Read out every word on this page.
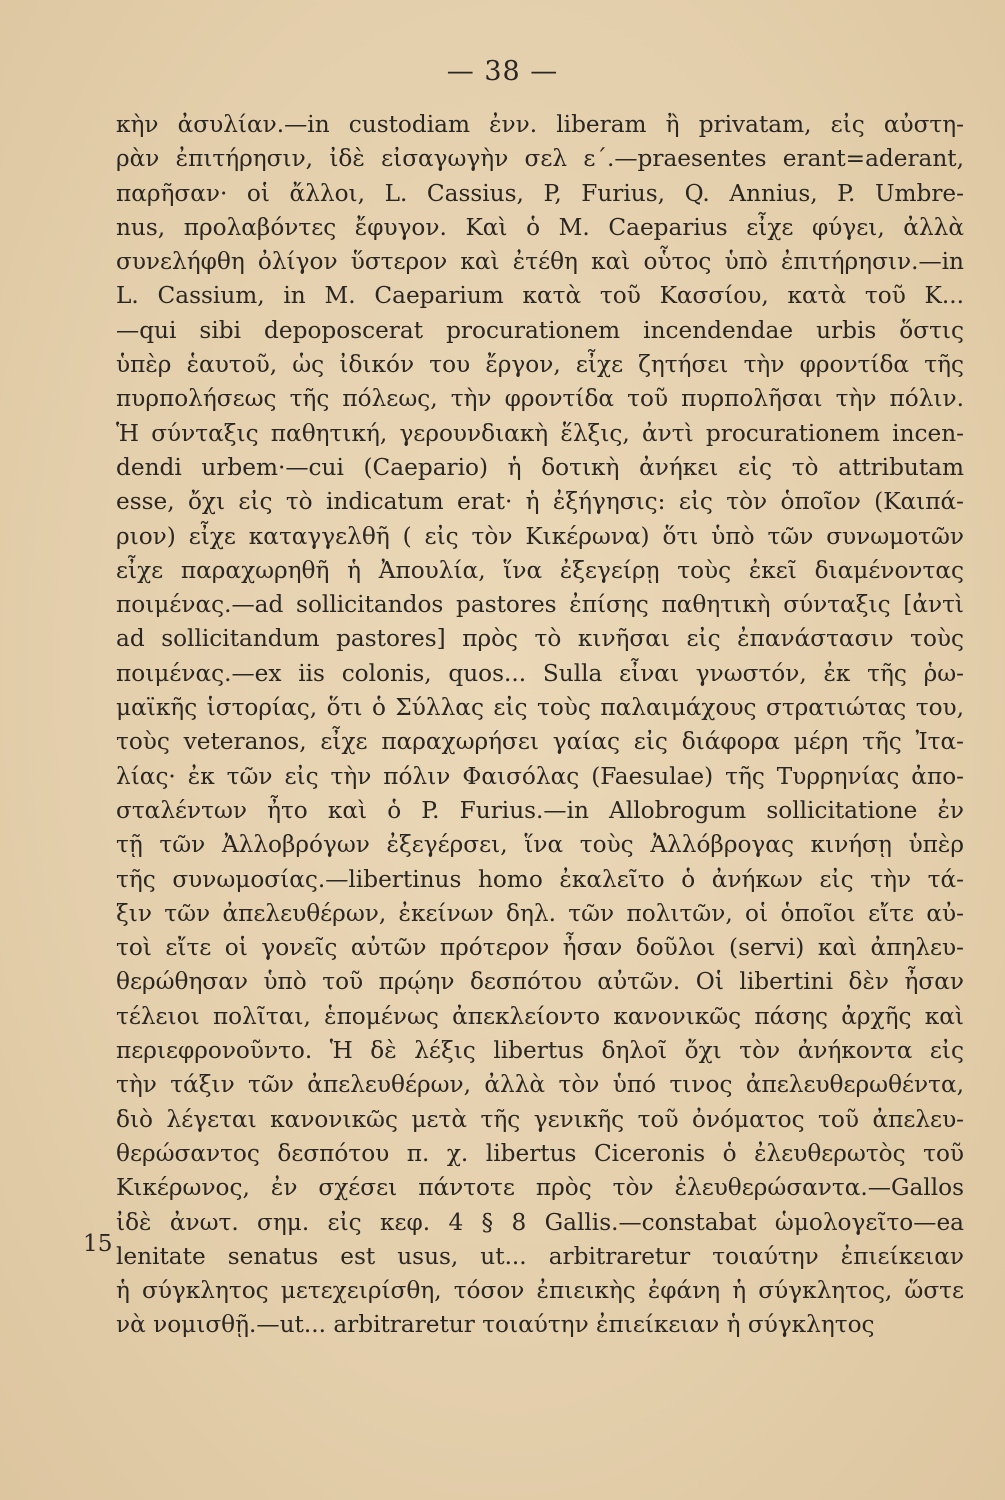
— 38 —
15
κὴν ἀσυλίαν.—in custodiam ἐνν. liberam ἢ privatam, εἰς αὐστη-
ρὰν ἐπιτήρησιν, ἰδὲ εἰσαγωγὴν σελ ε΄.—praesentes erant=aderant,
παρῆσαν· οἱ ἄλλοι, L. Cassius, P, Furius, Q. Annius, P. Umbre-
nus, προλαβόντες ἔφυγον. Καὶ ὁ Μ. Caeparius εἶχε φύγει, ἀλλὰ
συνελήφθη ὀλίγον ὕστερον καὶ ἐτέθη καὶ οὗτος ὑπὸ ἐπιτήρησιν.—in
L. Cassium, in M. Caeparium κατὰ τοῦ Κασσίου, κατὰ τοῦ Κ...
—qui sibi depoposcerat procurationem incendendae urbis ὅστις
ὑπὲρ ἑαυτοῦ, ὡς ἰδικόν του ἔργον, εἶχε ζητήσει τὴν φροντίδα τῆς
πυρπολήσεως τῆς πόλεως, τὴν φροντίδα τοῦ πυρπολῆσαι τὴν πόλιν.
Ἡ σύνταξις παθητική, γερουνδιακὴ ἕλξις, ἀντὶ procurationem incen-
dendi urbem·—cui (Caepario) ἡ δοτικὴ ἀνήκει εἰς τὸ attributam
esse, ὄχι εἰς τὸ indicatum erat· ἡ ἐξήγησις: εἰς τὸν ὁποῖον (Καιπά-
ριον) εἶχε καταγγελθῆ ( εἰς τὸν Κικέρωνα) ὅτι ὑπὸ τῶν συνωμοτῶν
εἶχε παραχωρηθῆ ἡ Ἀπουλία, ἵνα ἐξεγείρῃ τοὺς ἐκεῖ διαμένοντας
ποιμένας.—ad sollicitandos pastores ἐπίσης παθητικὴ σύνταξις [ἀντὶ
ad sollicitandum pastores] πρὸς τὸ κινῆσαι εἰς ἐπανάστασιν τοὺς
ποιμένας.—ex iis colonis, quos... Sulla εἶναι γνωστόν, ἐκ τῆς ῥω-
μαϊκῆς ἱστορίας, ὅτι ὁ Σύλλας εἰς τοὺς παλαιμάχους στρατιώτας του,
τοὺς veteranos, εἶχε παραχωρήσει γαίας εἰς διάφορα μέρη τῆς Ἰτα-
λίας· ἐκ τῶν εἰς τὴν πόλιν Φαισόλας (Faesulae) τῆς Τυρρηνίας ἀπο-
σταλέντων ἦτο καὶ ὁ P. Furius.—in Allobrogum sollicitatione ἐν
τῇ τῶν Ἀλλοβρόγων ἐξεγέρσει, ἵνα τοὺς Ἀλλόβρογας κινήσῃ ὑπὲρ
τῆς συνωμοσίας.—libertinus homo ἐκαλεῖτο ὁ ἀνήκων εἰς τὴν τά-
ξιν τῶν ἀπελευθέρων, ἐκείνων δηλ. τῶν πολιτῶν, οἱ ὁποῖοι εἴτε αὐ-
τοὶ εἴτε οἱ γονεῖς αὐτῶν πρότερον ἦσαν δοῦλοι (servi) καὶ ἀπηλευ-
θερώθησαν ὑπὸ τοῦ πρῴην δεσπότου αὐτῶν. Οἱ libertini δὲν ἦσαν
τέλειοι πολῖται, ἑπομένως ἀπεκλείοντο κανονικῶς πάσης ἀρχῆς καὶ
περιεφρονοῦντο. Ἡ δὲ λέξις libertus δηλοῖ ὄχι τὸν ἀνήκοντα εἰς
τὴν τάξιν τῶν ἀπελευθέρων, ἀλλὰ τὸν ὑπό τινος ἀπελευθερωθέντα,
διὸ λέγεται κανονικῶς μετὰ τῆς γενικῆς τοῦ ὀνόματος τοῦ ἀπελευ-
θερώσαντος δεσπότου π. χ. libertus Ciceronis ὁ ἐλευθερωτὸς τοῦ
Κικέρωνος, ἐν σχέσει πάντοτε πρὸς τὸν ἐλευθερώσαντα.—Gallos
ἰδὲ ἀνωτ. σημ. εἰς κεφ. 4 § 8 Gallis.—constabat ὡμολογεῖτο—ea
lenitate senatus est usus, ut... arbitraretur τοιαύτην ἐπιείκειαν
ἡ σύγκλητος μετεχειρίσθη, τόσον ἐπιεικὴς ἐφάνη ἡ σύγκλητος, ὥστε
νὰ νομισθῇ.—ut... arbitraretur τοιαύτην ἐπιείκειαν ἡ σύγκλητος
